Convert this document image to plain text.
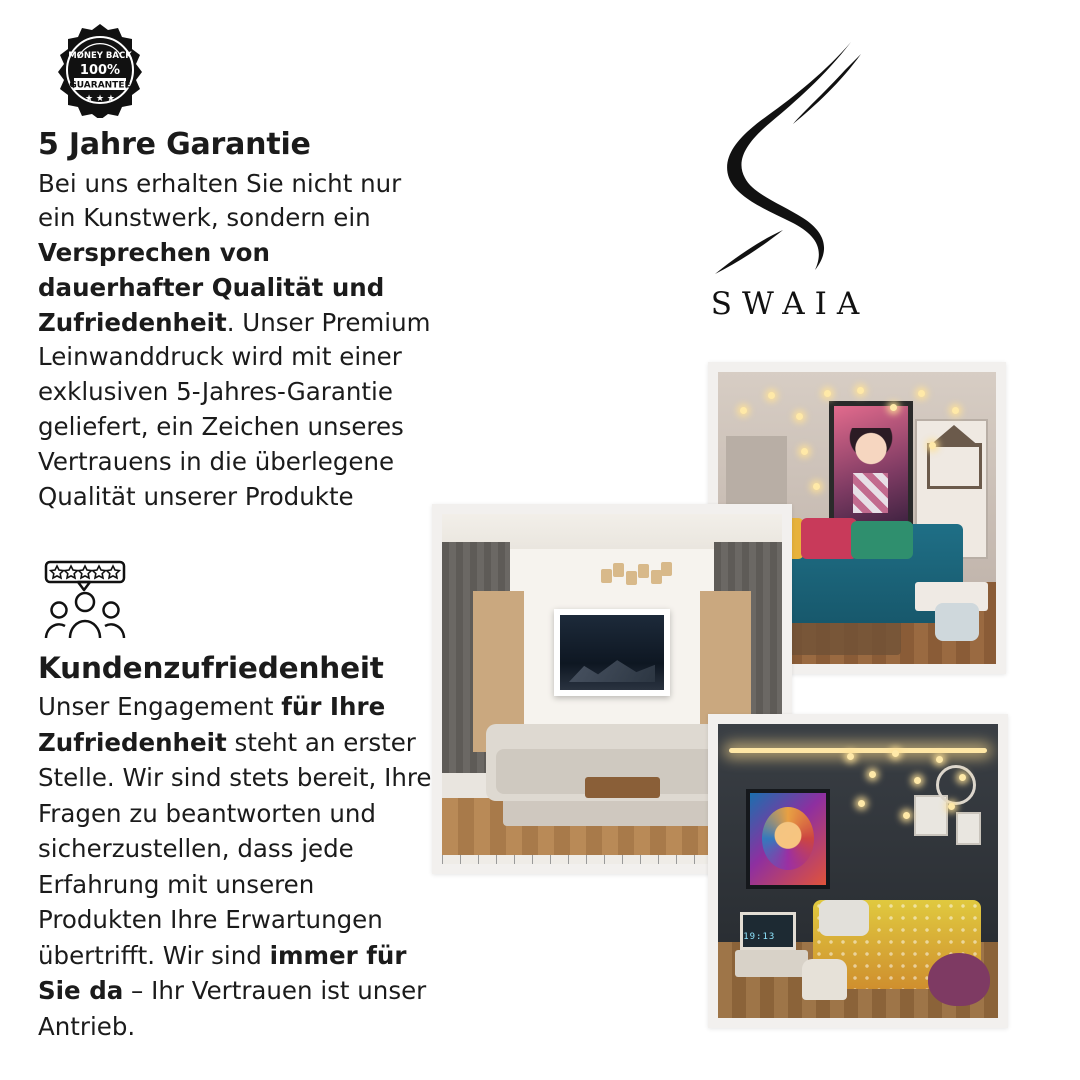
MONEY BACK
100%
GUARANTEE
★ ★ ★
5 Jahre Garantie
Bei uns erhalten Sie nicht nur ein Kunstwerk, sondern ein Versprechen von dauerhafter Qualität und Zufriedenheit. Unser Premium Leinwanddruck wird mit einer exklusiven 5-Jahres-Garantie geliefert, ein Zeichen unseres Vertrauens in die überlegene Qualität unserer Produkte
Kundenzufriedenheit
Unser Engagement für Ihre Zufriedenheit steht an erster Stelle. Wir sind stets bereit, Ihre Fragen zu beantworten und sicherzustellen, dass jede Erfahrung mit unseren Produkten Ihre Erwartungen übertrifft. Wir sind immer für Sie da – Ihr Vertrauen ist unser Antrieb.
SWAIA
19:13
